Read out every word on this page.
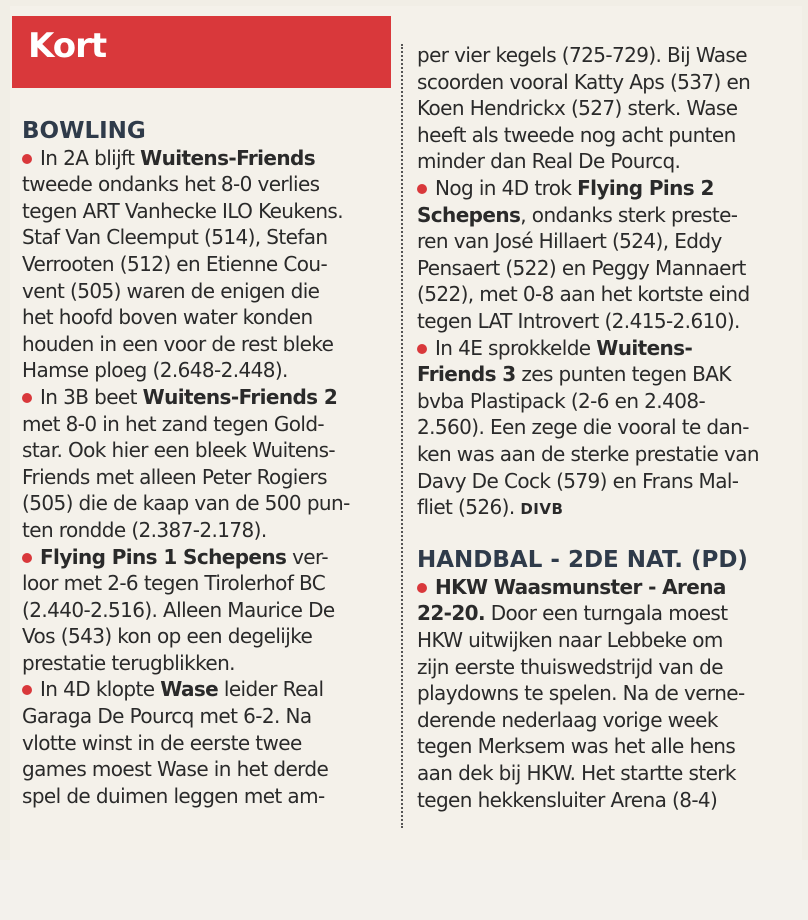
Kort
BOWLING
In 2A blijft Wuitens-Friends
tweede ondanks het 8-0 verlies
tegen ART Vanhecke ILO Keukens.
Staf Van Cleemput (514), Stefan
Verrooten (512) en Etienne Cou-
vent (505) waren de enigen die
het hoofd boven water konden
houden in een voor de rest bleke
Hamse ploeg (2.648-2.448).
In 3B beet Wuitens-Friends 2
met 8-0 in het zand tegen Gold-
star. Ook hier een bleek Wuitens-
Friends met alleen Peter Rogiers
(505) die de kaap van de 500 pun-
ten rondde (2.387-2.178).
Flying Pins 1 Schepens ver-
loor met 2-6 tegen Tirolerhof BC
(2.440-2.516). Alleen Maurice De
Vos (543) kon op een degelijke
prestatie terugblikken.
In 4D klopte Wase leider Real
Garaga De Pourcq met 6-2. Na
vlotte winst in de eerste twee
games moest Wase in het derde
spel de duimen leggen met am-
per vier kegels (725-729). Bij Wase
scoorden vooral Katty Aps (537) en
Koen Hendrickx (527) sterk. Wase
heeft als tweede nog acht punten
minder dan Real De Pourcq.
Nog in 4D trok Flying Pins 2
Schepens, ondanks sterk preste-
ren van José Hillaert (524), Eddy
Pensaert (522) en Peggy Mannaert
(522), met 0-8 aan het kortste eind
tegen LAT Introvert (2.415-2.610).
In 4E sprokkelde Wuitens-
Friends 3 zes punten tegen BAK
bvba Plastipack (2-6 en 2.408-
2.560). Een zege die vooral te dan-
ken was aan de sterke prestatie van
Davy De Cock (579) en Frans Mal-
fliet (526). DIVB
HANDBAL - 2DE NAT. (PD)
HKW Waasmunster - Arena
22-20. Door een turngala moest
HKW uitwijken naar Lebbeke om
zijn eerste thuiswedstrijd van de
playdowns te spelen. Na de verne-
derende nederlaag vorige week
tegen Merksem was het alle hens
aan dek bij HKW. Het startte sterk
tegen hekkensluiter Arena (8-4)
